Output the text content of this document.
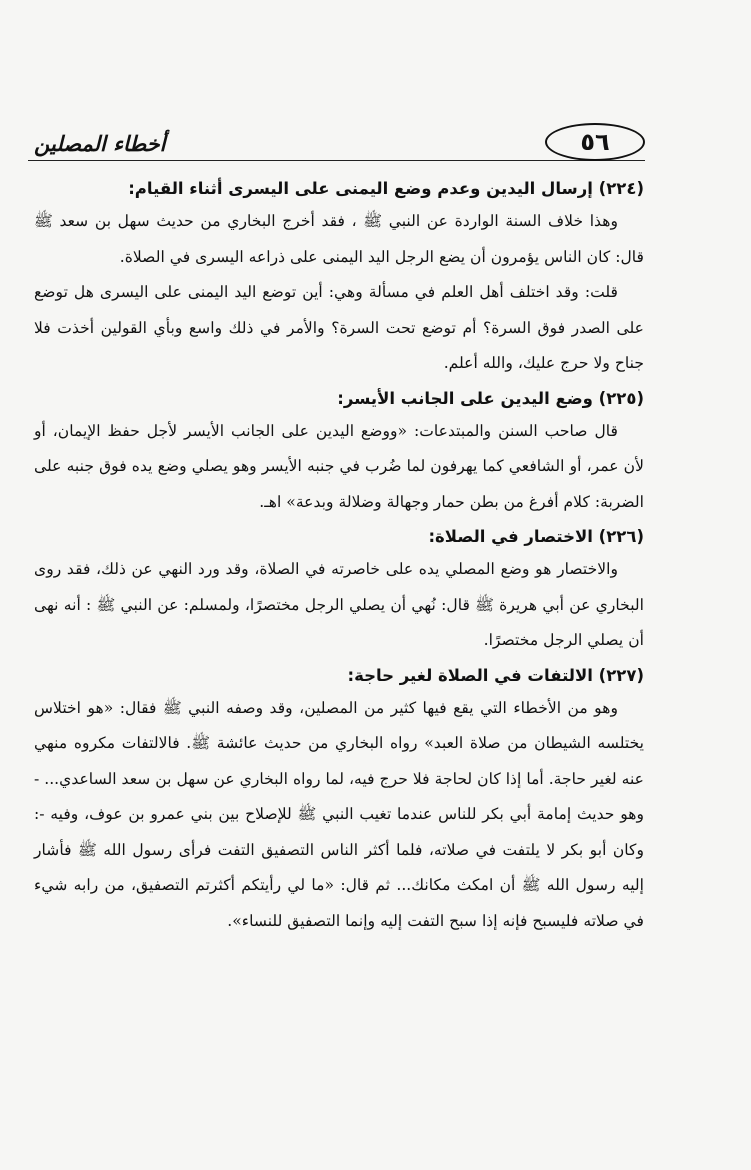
أخطاء المصلين	٥٦
(٢٢٤) إرسال اليدين وعدم وضع اليمنى على اليسرى أثناء القيام:

وهذا خلاف السنة الواردة عن النبي ﷺ ، فقد أخرج البخاري من حديث سهل بن سعد ﷺ قال: كان الناس يؤمرون أن يضع الرجل اليد اليمنى على ذراعه اليسرى في الصلاة.

قلت: وقد اختلف أهل العلم في مسألة وهي: أين توضع اليد اليمنى على اليسرى هل توضع على الصدر فوق السرة؟ أم توضع تحت السرة؟ والأمر في ذلك واسع وبأي القولين أخذت فلا جناح ولا حرج عليك، والله أعلم.

(٢٢٥) وضع اليدين على الجانب الأيسر:

قال صاحب السنن والمبتدعات: «ووضع اليدين على الجانب الأيسر لأجل حفظ الإيمان، أو لأن عمر، أو الشافعي كما يهرفون لما ضُرب في جنبه الأيسر وهو يصلي وضع يده فوق جنبه على الضربة: كلام أفرغ من بطن حمار وجهالة وضلالة وبدعة» اهـ.

(٢٢٦) الاختصار في الصلاة:

والاختصار هو وضع المصلي يده على خاصرته في الصلاة، وقد ورد النهي عن ذلك، فقد روى البخاري عن أبي هريرة ﷺ قال: نُهي أن يصلي الرجل مختصرًا، ولمسلم: عن النبي ﷺ : أنه نهى أن يصلي الرجل مختصرًا.

(٢٢٧) الالتفات في الصلاة لغير حاجة:

وهو من الأخطاء التي يقع فيها كثير من المصلين، وقد وصفه النبي ﷺ فقال: «هو اختلاس يختلسه الشيطان من صلاة العبد» رواه البخاري من حديث عائشة ﷺ. فالالتفات مكروه منهي عنه لغير حاجة. أما إذا كان لحاجة فلا حرج فيه، لما رواه البخاري عن سهل بن سعد الساعدي... - وهو حديث إمامة أبي بكر للناس عندما تغيب النبي ﷺ للإصلاح بين بني عمرو بن عوف، وفيه -: وكان أبو بكر لا يلتفت في صلاته، فلما أكثر الناس التصفيق التفت فرأى رسول الله ﷺ فأشار إليه رسول الله ﷺ أن امكث مكانك... ثم قال: «ما لي رأيتكم أكثرتم التصفيق، من رابه شيء في صلاته فليسبح فإنه إذا سبح التفت إليه وإنما التصفيق للنساء».
